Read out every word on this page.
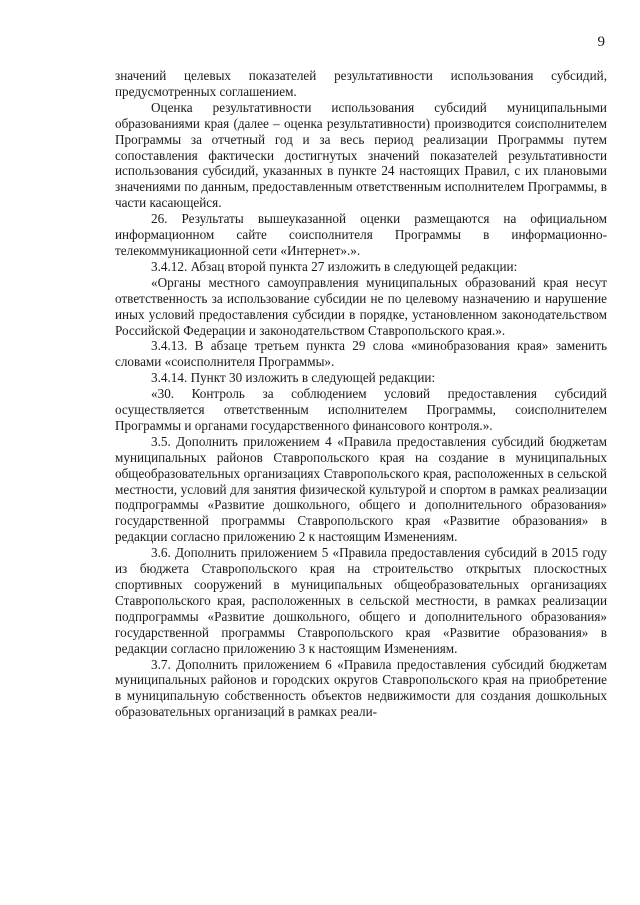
9

значений целевых показателей результативности использования субсидий, предусмотренных соглашением.

Оценка результативности использования субсидий муниципальными образованиями края (далее – оценка результативности) производится соисполнителем Программы за отчетный год и за весь период реализации Программы путем сопоставления фактически достигнутых значений показателей результативности использования субсидий, указанных в пункте 24 настоящих Правил, с их плановыми значениями по данным, предоставленным ответственным исполнителем Программы, в части касающейся.

26. Результаты вышеуказанной оценки размещаются на официальном информационном сайте соисполнителя Программы в информационно-телекоммуникационной сети «Интернет».».

3.4.12. Абзац второй пункта 27 изложить в следующей редакции:

«Органы местного самоуправления муниципальных образований края несут ответственность за использование субсидии не по целевому назначению и нарушение иных условий предоставления субсидии в порядке, установленном законодательством Российской Федерации и законодательством Ставропольского края.».

3.4.13. В абзаце третьем пункта 29 слова «минобразования края» заменить словами «соисполнителя Программы».

3.4.14. Пункт 30 изложить в следующей редакции:

«30. Контроль за соблюдением условий предоставления субсидий осуществляется ответственным исполнителем Программы, соисполнителем Программы и органами государственного финансового контроля.».

3.5. Дополнить приложением 4 «Правила предоставления субсидий бюджетам муниципальных районов Ставропольского края на создание в муниципальных общеобразовательных организациях Ставропольского края, расположенных в сельской местности, условий для занятия физической культурой и спортом в рамках реализации подпрограммы «Развитие дошкольного, общего и дополнительного образования» государственной программы Ставропольского края «Развитие образования» в редакции согласно приложению 2 к настоящим Изменениям.

3.6. Дополнить приложением 5 «Правила предоставления субсидий в 2015 году из бюджета Ставропольского края на строительство открытых плоскостных спортивных сооружений в муниципальных общеобразовательных организациях Ставропольского края, расположенных в сельской местности, в рамках реализации подпрограммы «Развитие дошкольного, общего и дополнительного образования» государственной программы Ставропольского края «Развитие образования» в редакции согласно приложению 3 к настоящим Изменениям.

3.7. Дополнить приложением 6 «Правила предоставления субсидий бюджетам муниципальных районов и городских округов Ставропольского края на приобретение в муниципальную собственность объектов недвижимости для создания дошкольных образовательных организаций в рамках реали-
